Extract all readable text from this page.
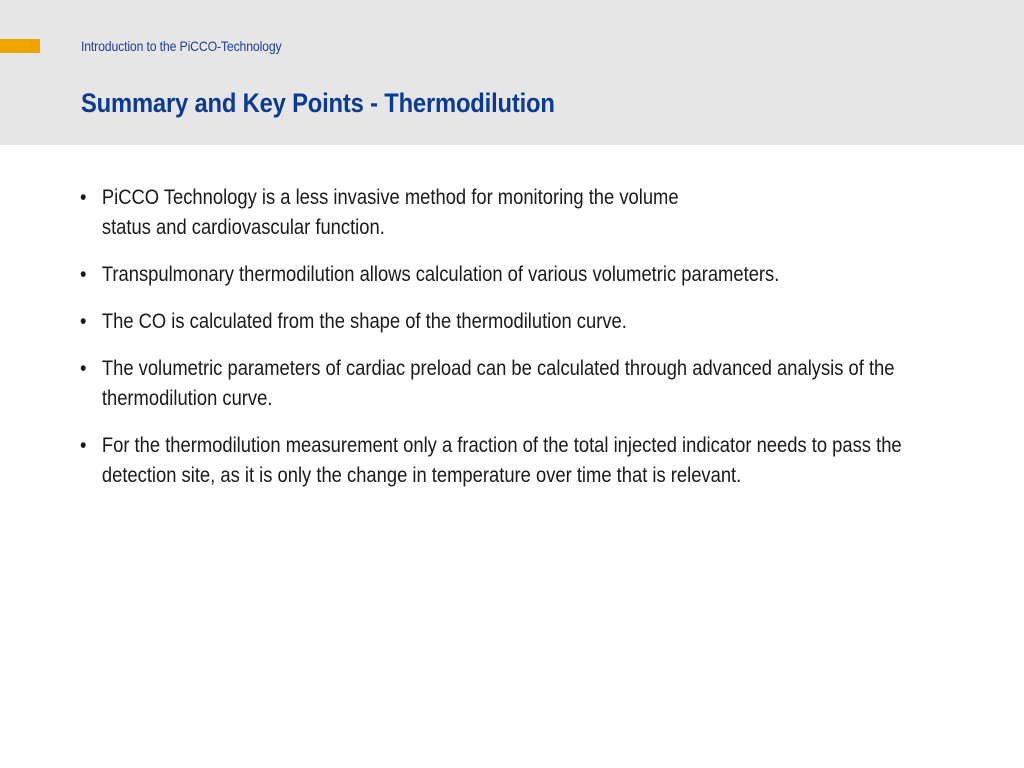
Introduction to the PiCCO-Technology
Summary and Key Points - Thermodilution
• PiCCO Technology is a less invasive method for monitoring the volume status and cardiovascular function.
• Transpulmonary thermodilution allows calculation of various volumetric parameters.
• The CO is calculated from the shape of the thermodilution curve.
• The volumetric parameters of cardiac preload can be calculated through advanced analysis of the thermodilution curve.
• For the thermodilution measurement only a fraction of the total injected indicator needs to pass the detection site, as it is only the change in temperature over time that is relevant.
